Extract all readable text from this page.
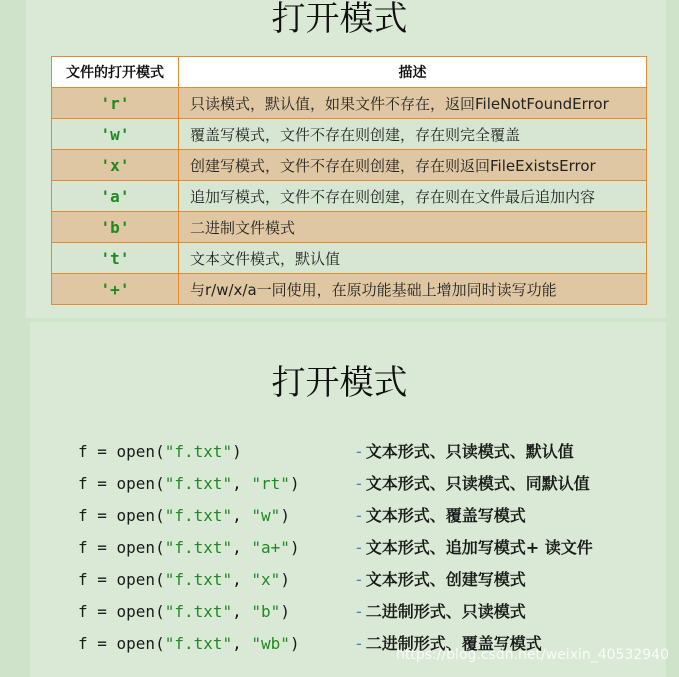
打开模式
文件的打开模式	描述
'r'	只读模式，默认值，如果文件不存在，返回FileNotFoundError
'w'	覆盖写模式，文件不存在则创建，存在则完全覆盖
'x'	创建写模式，文件不存在则创建，存在则返回FileExistsError
'a'	追加写模式，文件不存在则创建，存在则在文件最后追加内容
'b'	二进制文件模式
't'	文本文件模式，默认值
'+'	与r/w/x/a一同使用，在原功能基础上增加同时读写功能
打开模式
f = open("f.txt")	- 文本形式、只读模式、默认值
f = open("f.txt", "rt")	- 文本形式、只读模式、同默认值
f = open("f.txt", "w")	- 文本形式、覆盖写模式
f = open("f.txt", "a+")	- 文本形式、追加写模式+ 读文件
f = open("f.txt", "x")	- 文本形式、创建写模式
f = open("f.txt", "b")	- 二进制形式、只读模式
f = open("f.txt", "wb")	- 二进制形式、覆盖写模式
https://blog.csdn.net/weixin_40532940
